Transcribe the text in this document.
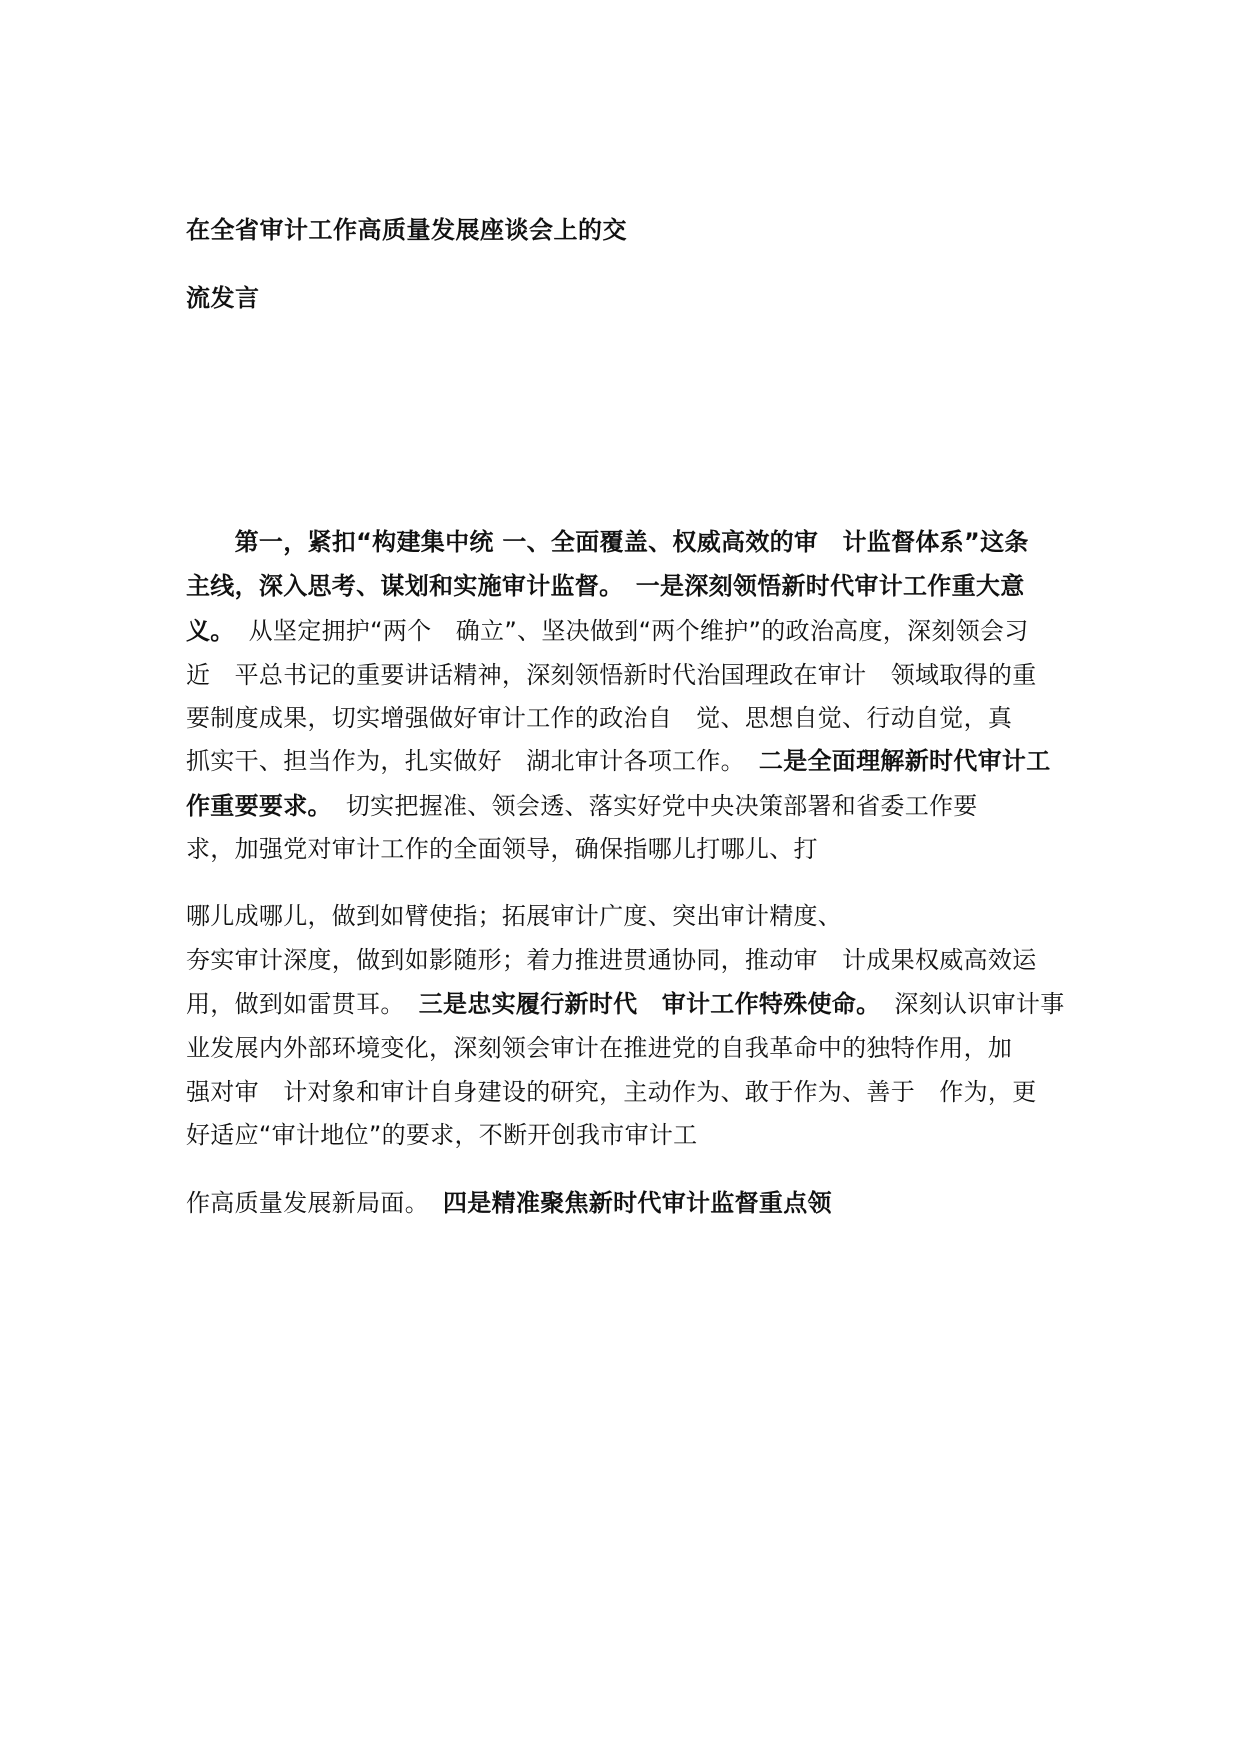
在全省审计工作高质量发展座谈会上的交
流发言
　　第一，紧扣“构建集中统 一、全面覆盖、权威高效的审　计监督体系”这条
主线，深入思考、谋划和实施审计监督。　一是深刻领悟新时代审计工作重大意
义。 从坚定拥护“两个　确立”、坚决做到“两个维护”的政治高度，深刻领会习
近　平总书记的重要讲话精神，深刻领悟新时代治国理政在审计　领域取得的重
要制度成果，切实增强做好审计工作的政治自　觉、思想自觉、行动自觉，真
抓实干、担当作为，扎实做好　湖北审计各项工作。 二是全面理解新时代审计工
作重要要求。 切实把握准、领会透、落实好党中央决策部署和省委工作要
求，加强党对审计工作的全面领导，确保指哪儿打哪儿、打
哪儿成哪儿，做到如臂使指；拓展审计广度、突出审计精度、
夯实审计深度，做到如影随形；着力推进贯通协同，推动审　计成果权威高效运
用，做到如雷贯耳。 三是忠实履行新时代　审计工作特殊使命。 深刻认识审计事
业发展内外部环境变化，深刻领会审计在推进党的自我革命中的独特作用，加
强对审　计对象和审计自身建设的研究，主动作为、敢于作为、善于　作为，更
好适应“审计地位”的要求，不断开创我市审计工
作高质量发展新局面。 四是精准聚焦新时代审计监督重点领
